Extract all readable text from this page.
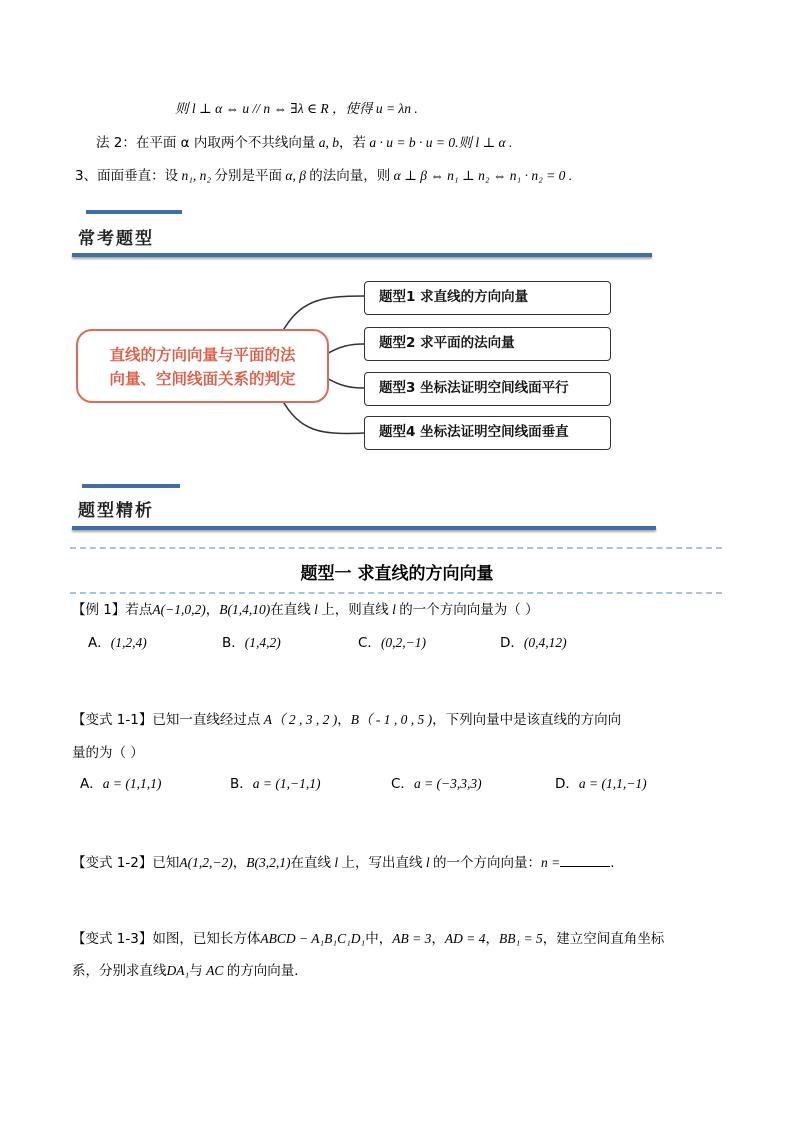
则 l ⊥ α ⇔ u // n ⇔ ∃λ ∈ R ，使得 u = λn .
法 2：在平面 α 内取两个不共线向量 a, b，若 a · u = b · u = 0.则 l ⊥ α .
3、面面垂直：设 n₁, n₂ 分别是平面 α, β 的法向量，则 α ⊥ β ⇔ n₁ ⊥ n₂ ⇔ n₁ · n₂ = 0 .
常考题型
直线的方向向量与平面的法
向量、空间线面关系的判定
题型1 求直线的方向向量
题型2 求平面的法向量
题型3 坐标法证明空间线面平行
题型4 坐标法证明空间线面垂直
题型精析
题型一 求直线的方向向量
【例 1】若点A(−1,0,2)，B(1,4,10)在直线 l 上，则直线 l 的一个方向向量为（ ）
A．(1,2,4)	B．(1,4,2)	C．(0,2,−1)	D．(0,4,12)
【变式 1-1】已知一直线经过点 A（ 2 , 3 , 2 )，B（ - 1 , 0 , 5 )，下列向量中是该直线的方向向
量的为（ ）
A．a = (1,1,1)	B．a = (1,−1,1)	C．a = (−3,3,3)	D．a = (1,1,−1)
【变式 1-2】已知A(1,2,−2)，B(3,2,1)在直线 l 上，写出直线 l 的一个方向向量：n =	.
【变式 1-3】如图，已知长方体ABCD − A₁B₁C₁D₁中，AB = 3，AD = 4，BB₁ = 5，建立空间直角坐标
系，分别求直线DA₁与 AC 的方向向量．
